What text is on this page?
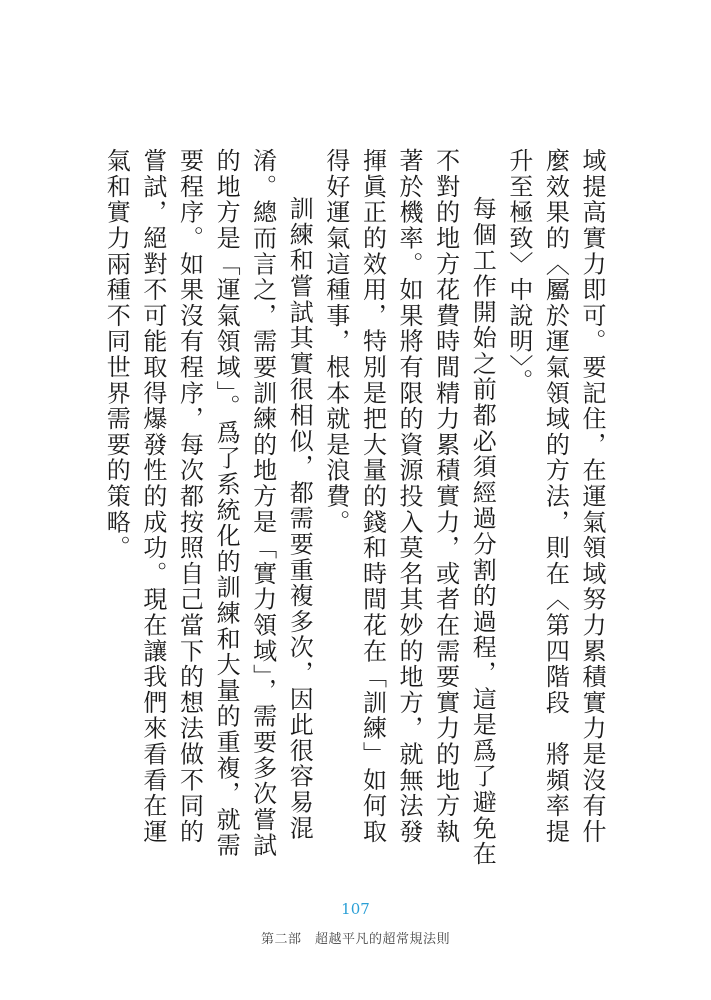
域提高實力即可。要記住，在運氣領域努力累積實力是沒有什麼效果的〈屬於運氣領域的方法，則在〈第四階段　將頻率提升至極致〉中說明〉。

每個工作開始之前都必須經過分割的過程，這是爲了避免在不對的地方花費時間精力累積實力，或者在需要實力的地方執著於機率。如果將有限的資源投入莫名其妙的地方，就無法發揮眞正的效用，特別是把大量的錢和時間花在「訓練」如何取得好運氣這種事，根本就是浪費。

訓練和嘗試其實很相似，都需要重複多次，因此很容易混淆。總而言之，需要訓練的地方是「實力領域」，需要多次嘗試的地方是「運氣領域」。爲了系統化的訓練和大量的重複，就需要程序。如果沒有程序，每次都按照自己當下的想法做不同的嘗試，絕對不可能取得爆發性的成功。現在讓我們來看看在運氣和實力兩種不同世界需要的策略。

107
第二部　超越平凡的超常規法則
